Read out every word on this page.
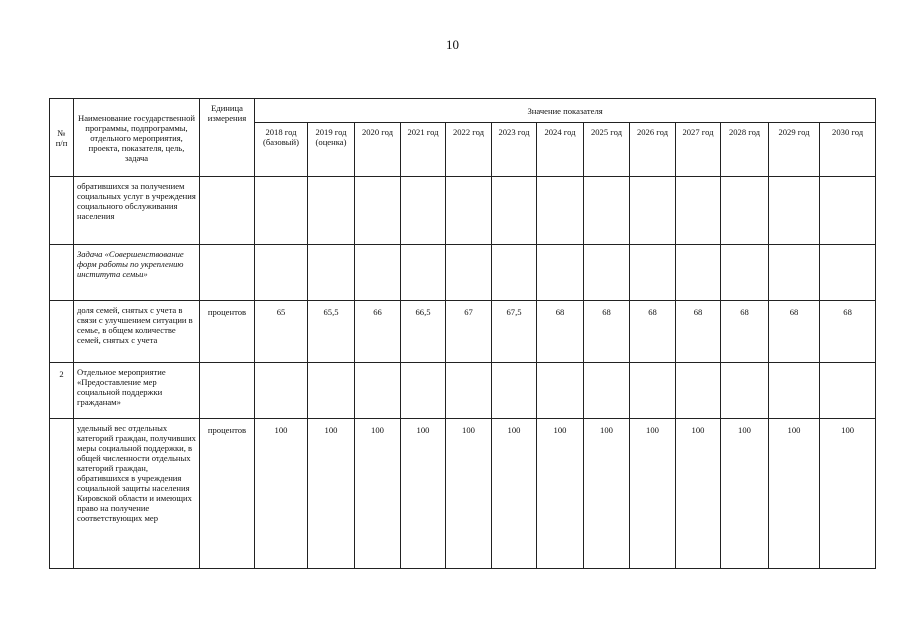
10
№ п/п	Наименование государственной программы, подпрограммы, отдельного мероприятия, проекта, показателя, цель, задача	Единица измерения	Значение показателя												
			2018 год (базовый)	2019 год (оценка)	2020 год	2021 год	2022 год	2023 год	2024 год	2025 год	2026 год	2027 год	2028 год	2029 год	2030 год
	обратившихся за получением социальных услуг в учреждения социального обслуживания населения														
	Задача «Совершенствование форм работы по укреплению института семьи»														
	доля семей, снятых с учета в связи с улучшением ситуации в семье, в общем количестве семей, снятых с учета	процентов	65	65,5	66	66,5	67	67,5	68	68	68	68	68	68	68
2	Отдельное мероприятие «Предоставление мер социальной поддержки гражданам»														
	удельный вес отдельных категорий граждан, получивших меры социальной поддержки, в общей численности отдельных категорий граждан, обратившихся в учреждения социальной защиты населения Кировской области и имеющих право на получение соответствующих мер	процентов	100	100	100	100	100	100	100	100	100	100	100	100	100
